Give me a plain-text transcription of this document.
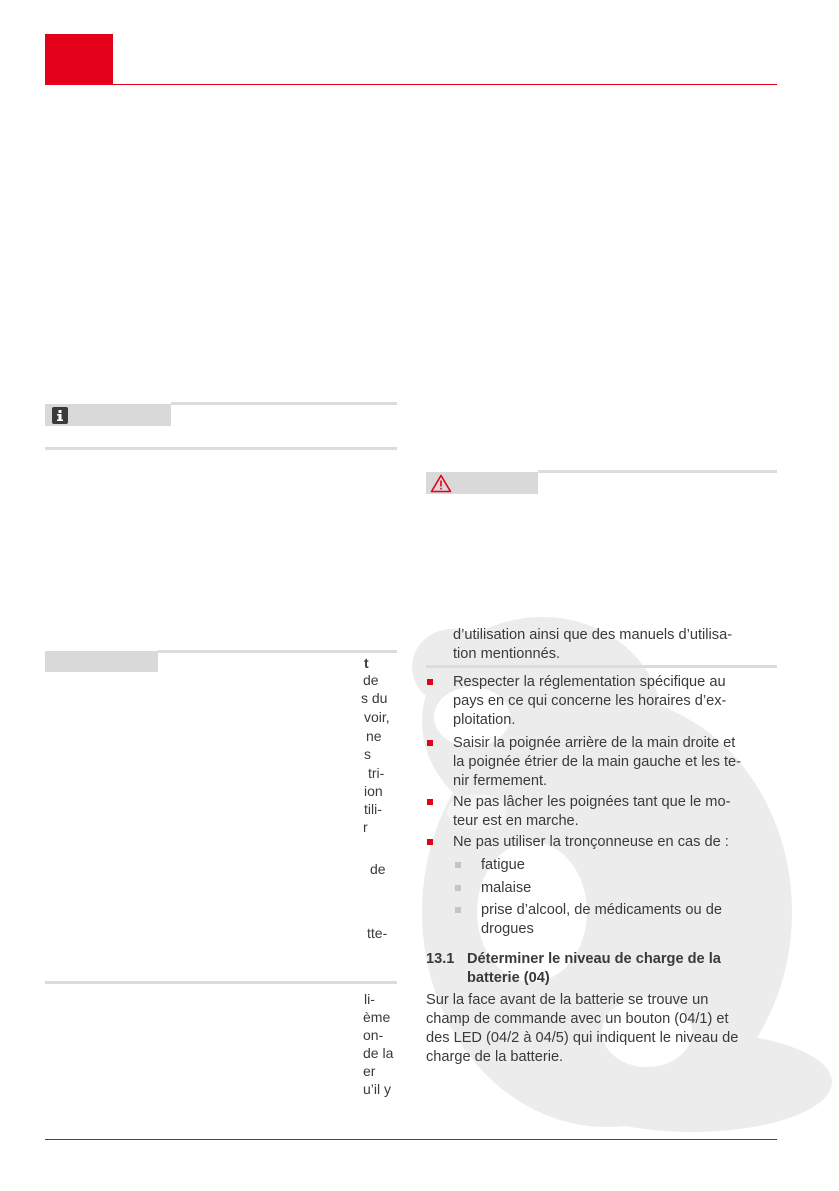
t
de
s du
voir,
ne
s
tri-
ion
tili-
r
de
tte-
li-
ème
on-
de la
er
u’il y
d’utilisation ainsi que des manuels d’utilisa-
tion mentionnés.
Respecter la réglementation spécifique au
pays en ce qui concerne les horaires d’ex-
ploitation.
Saisir la poignée arrière de la main droite et
la poignée étrier de la main gauche et les te-
nir fermement.
Ne pas lâcher les poignées tant que le mo-
teur est en marche.
Ne pas utiliser la tronçonneuse en cas de :
fatigue
malaise
prise d’alcool, de médicaments ou de
drogues
13.1 Déterminer le niveau de charge de la
batterie (04)
Sur la face avant de la batterie se trouve un
champ de commande avec un bouton (04/1) et
des LED (04/2 à 04/5) qui indiquent le niveau de
charge de la batterie.
